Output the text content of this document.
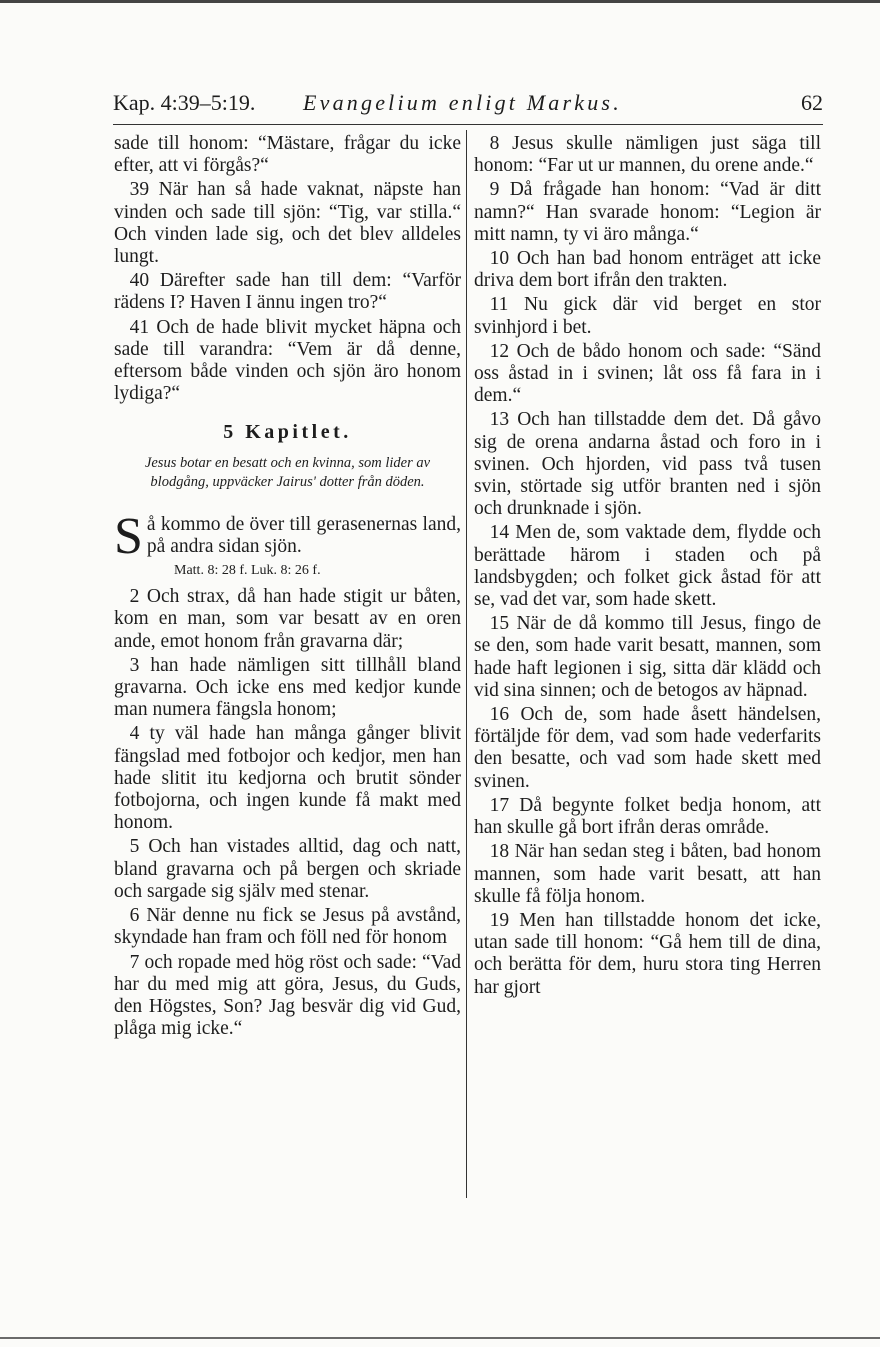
Kap. 4:39–5:19. Evangelium enligt Markus.	62

sade till honom: “Mästare, frågar du icke efter, att vi förgås?“

39 När han så hade vaknat, näpste han vinden och sade till sjön: “Tig, var stilla.“ Och vinden lade sig, och det blev alldeles lungt.

40 Därefter sade han till dem: “Varför rädens I? Haven I ännu ingen tro?“

41 Och de hade blivit mycket häpna och sade till varandra: “Vem är då denne, eftersom både vinden och sjön äro honom lydiga?“

5 Kapitlet.
Jesus botar en besatt och en kvinna, som lider av blodgång, uppväcker Jairus' dotter från döden.

Så kommo de över till gerasenernas land, på andra sidan sjön.

Matt. 8: 28 f. Luk. 8: 26 f.

2 Och strax, då han hade stigit ur båten, kom en man, som var besatt av en oren ande, emot honom från gravarna där;

3 han hade nämligen sitt tillhåll bland gravarna. Och icke ens med kedjor kunde man numera fängsla honom;

4 ty väl hade han många gånger blivit fängslad med fotbojor och kedjor, men han hade slitit itu kedjorna och brutit sönder fotbojorna, och ingen kunde få makt med honom.

5 Och han vistades alltid, dag och natt, bland gravarna och på bergen och skriade och sargade sig själv med stenar.

6 När denne nu fick se Jesus på avstånd, skyndade han fram och föll ned för honom

7 och ropade med hög röst och sade: “Vad har du med mig att göra, Jesus, du Guds, den Högstes, Son? Jag besvär dig vid Gud, plåga mig icke.“

8 Jesus skulle nämligen just säga till honom: “Far ut ur mannen, du orene ande.“

9 Då frågade han honom: “Vad är ditt namn?“ Han svarade honom: “Legion är mitt namn, ty vi äro många.“

10 Och han bad honom enträget att icke driva dem bort ifrån den trakten.

11 Nu gick där vid berget en stor svinhjord i bet.

12 Och de bådo honom och sade: “Sänd oss åstad in i svinen; låt oss få fara in i dem.“

13 Och han tillstadde dem det. Då gåvo sig de orena andarna åstad och foro in i svinen. Och hjorden, vid pass två tusen svin, störtade sig utför branten ned i sjön och drunknade i sjön.

14 Men de, som vaktade dem, flydde och berättade härom i staden och på landsbygden; och folket gick åstad för att se, vad det var, som hade skett.

15 När de då kommo till Jesus, fingo de se den, som hade varit besatt, mannen, som hade haft legionen i sig, sitta där klädd och vid sina sinnen; och de betogos av häpnad.

16 Och de, som hade åsett händelsen, förtäljde för dem, vad som hade vederfarits den besatte, och vad som hade skett med svinen.

17 Då begynte folket bedja honom, att han skulle gå bort ifrån deras område.

18 När han sedan steg i båten, bad honom mannen, som hade varit besatt, att han skulle få följa honom.

19 Men han tillstadde honom det icke, utan sade till honom: “Gå hem till de dina, och berätta för dem, huru stora ting Herren har gjort
